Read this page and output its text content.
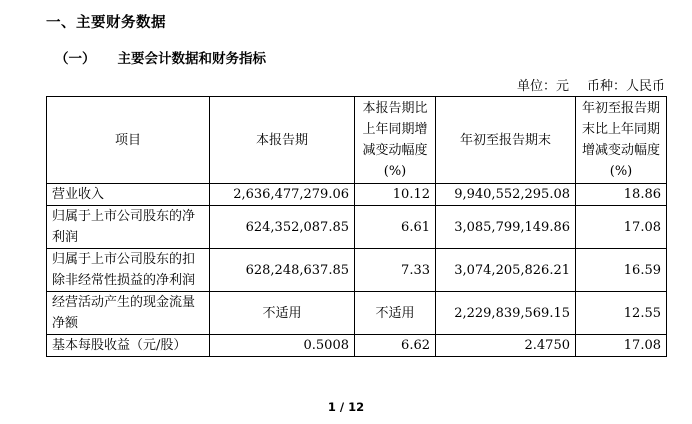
一、主要财务数据
（一） 主要会计数据和财务指标
单位：元 币种：人民币
项目	本报告期	本报告期比上年同期增减变动幅度(%)	年初至报告期末	年初至报告期末比上年同期增减变动幅度(%)
营业收入	2,636,477,279.06	10.12	9,940,552,295.08	18.86
归属于上市公司股东的净利润	624,352,087.85	6.61	3,085,799,149.86	17.08
归属于上市公司股东的扣除非经常性损益的净利润	628,248,637.85	7.33	3,074,205,826.21	16.59
经营活动产生的现金流量净额	不适用	不适用	2,229,839,569.15	12.55
基本每股收益（元/股）	0.5008	6.62	2.4750	17.08
1 / 12
